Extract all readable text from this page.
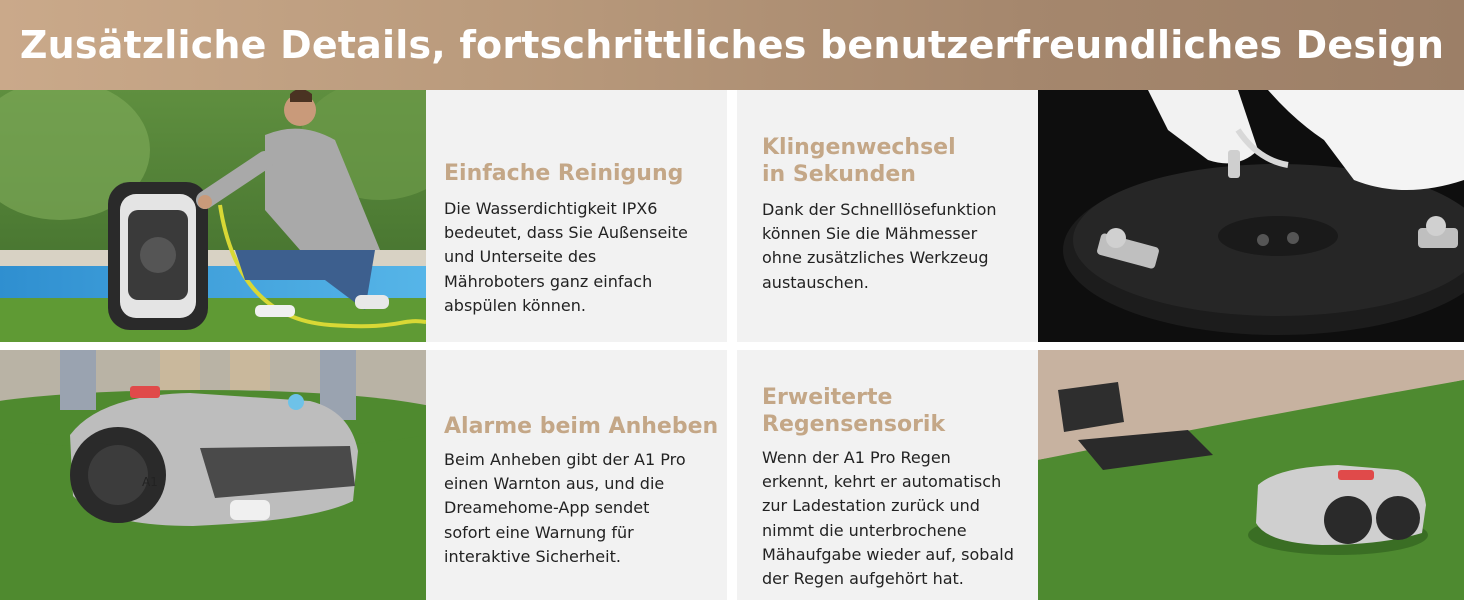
Zusätzliche Details, fortschrittliches benutzerfreundliches Design
Einfache Reinigung

Die Wasserdichtigkeit IPX6

bedeutet, dass Sie Außenseite

und Unterseite des

Mähroboters ganz einfach

abspülen können.

Klingenwechsel
in Sekunden

Dank der Schnelllösefunktion

können Sie die Mähmesser

ohne zusätzliches Werkzeug

austauschen.

A1
Alarme beim Anheben

Beim Anheben gibt der A1 Pro

einen Warnton aus, und die

Dreamehome-App sendet

sofort eine Warnung für

interaktive Sicherheit.

Erweiterte
Regensensorik

Wenn der A1 Pro Regen

erkennt, kehrt er automatisch

zur Ladestation zurück und

nimmt die unterbrochene

Mähaufgabe wieder auf, sobald

der Regen aufgehört hat.
